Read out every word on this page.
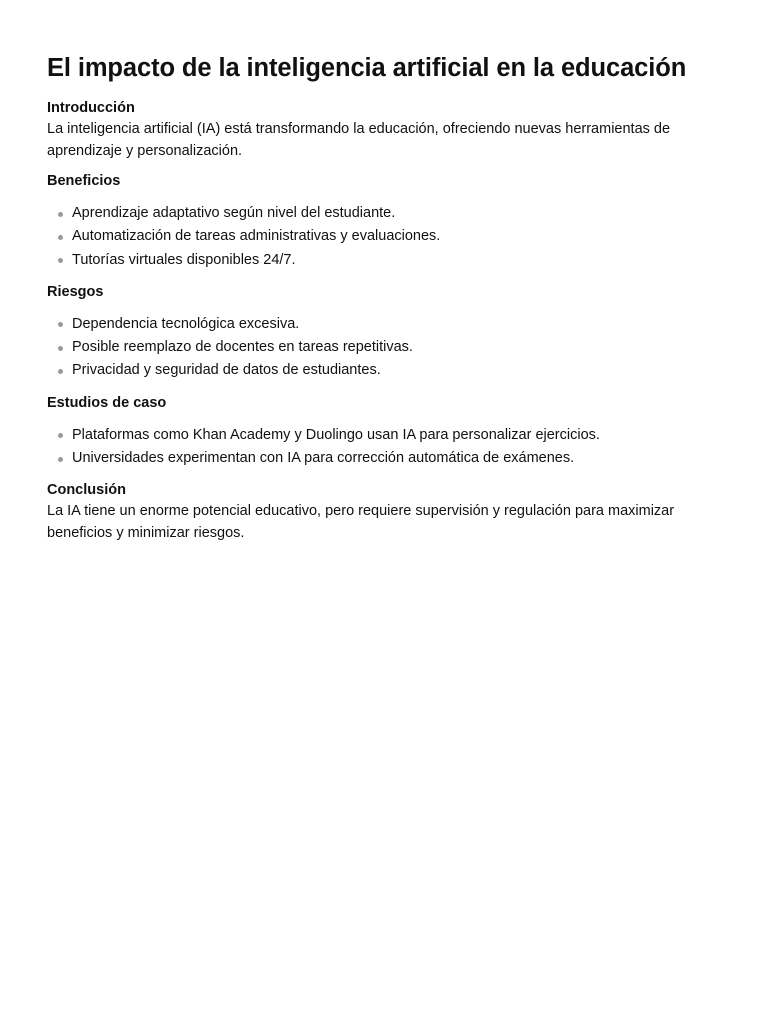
El impacto de la inteligencia artificial en la educación
Introducción

La inteligencia artificial (IA) está transformando la educación, ofreciendo nuevas herramientas de aprendizaje y personalización.

Beneficios
Aprendizaje adaptativo según nivel del estudiante.
Automatización de tareas administrativas y evaluaciones.
Tutorías virtuales disponibles 24/7.
Riesgos
Dependencia tecnológica excesiva.
Posible reemplazo de docentes en tareas repetitivas.
Privacidad y seguridad de datos de estudiantes.
Estudios de caso
Plataformas como Khan Academy y Duolingo usan IA para personalizar ejercicios.
Universidades experimentan con IA para corrección automática de exámenes.
Conclusión

La IA tiene un enorme potencial educativo, pero requiere supervisión y regulación para maximizar beneficios y minimizar riesgos.
